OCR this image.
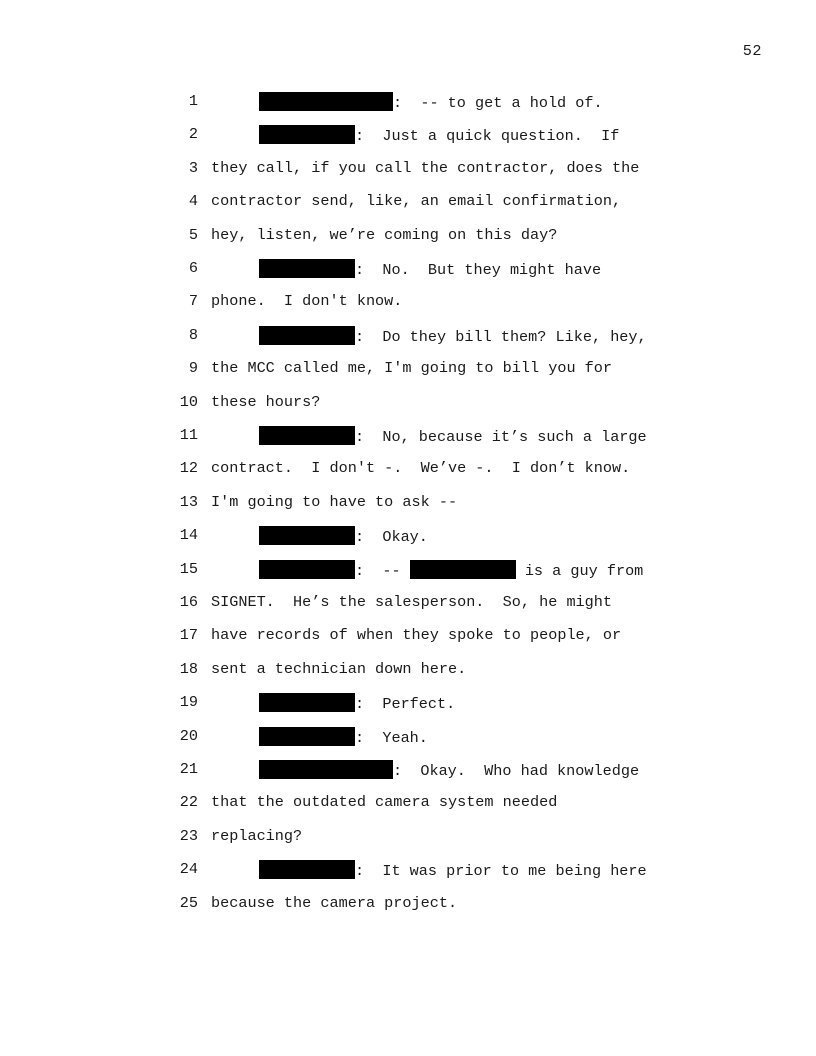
52
1	:  -- to get a hold of.
2	:  Just a quick question.  If
3 they call, if you call the contractor, does the
4 contractor send, like, an email confirmation,
5 hey, listen, we’re coming on this day?
6	:  No.  But they might have
7 phone.  I don't know.
8	:  Do they bill them? Like, hey,
9 the MCC called me, I'm going to bill you for
10 these hours?
11	:  No, because it’s such a large
12 contract.  I don't -.  We’ve -.  I don’t know.
13 I'm going to have to ask --
14	:  Okay.
15	:  --	is a guy from
16 SIGNET.  He’s the salesperson.  So, he might
17 have records of when they spoke to people, or
18 sent a technician down here.
19	:  Perfect.
20	:  Yeah.
21	:  Okay.  Who had knowledge
22 that the outdated camera system needed
23 replacing?
24	:  It was prior to me being here
25 because the camera project.
